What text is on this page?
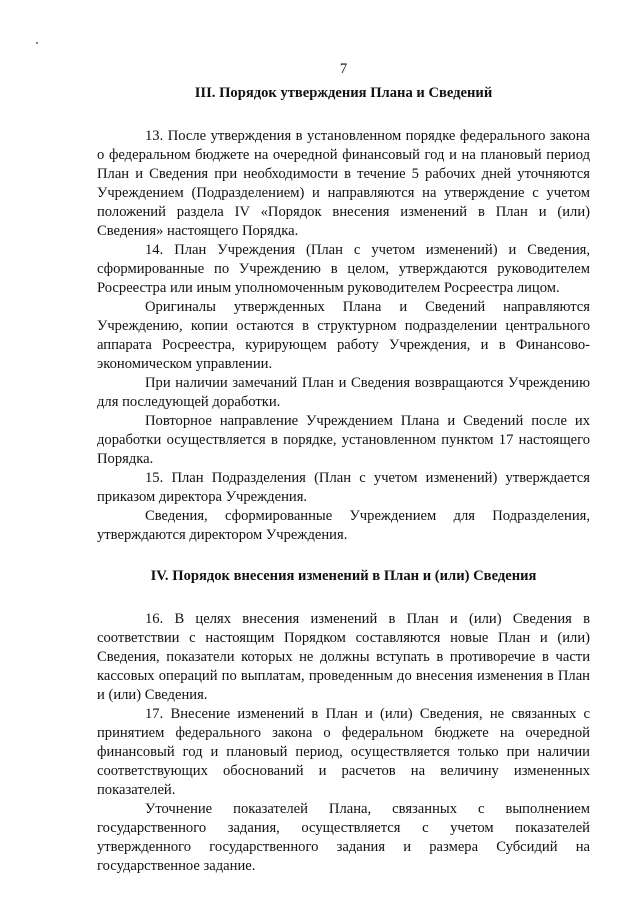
7
III. Порядок утверждения Плана и Сведений

13. После утверждения в установленном порядке федерального закона о федеральном бюджете на очередной финансовый год и на плановый период План и Сведения при необходимости в течение 5 рабочих дней уточняются Учреждением (Подразделением) и направляются на утверждение с учетом положений раздела IV «Порядок внесения изменений в План и (или) Сведения» настоящего Порядка.

14. План Учреждения (План с учетом изменений) и Сведения, сформированные по Учреждению в целом, утверждаются руководителем Росреестра или иным уполномоченным руководителем Росреестра лицом.

Оригиналы утвержденных Плана и Сведений направляются Учреждению, копии остаются в структурном подразделении центрального аппарата Росреестра, курирующем работу Учреждения, и в Финансово-экономическом управлении.

При наличии замечаний План и Сведения возвращаются Учреждению для последующей доработки.

Повторное направление Учреждением Плана и Сведений после их доработки осуществляется в порядке, установленном пунктом 17 настоящего Порядка.

15. План Подразделения (План с учетом изменений) утверждается приказом директора Учреждения.

Сведения, сформированные Учреждением для Подразделения, утверждаются директором Учреждения.

IV. Порядок внесения изменений в План и (или) Сведения

16. В целях внесения изменений в План и (или) Сведения в соответствии с настоящим Порядком составляются новые План и (или) Сведения, показатели которых не должны вступать в противоречие в части кассовых операций по выплатам, проведенным до внесения изменения в План и (или) Сведения.

17. Внесение изменений в План и (или) Сведения, не связанных с принятием федерального закона о федеральном бюджете на очередной финансовый год и плановый период, осуществляется только при наличии соответствующих обоснований и расчетов на величину измененных показателей.

Уточнение показателей Плана, связанных с выполнением государственного задания, осуществляется с учетом показателей утвержденного государственного задания и размера Субсидий на государственное задание.
